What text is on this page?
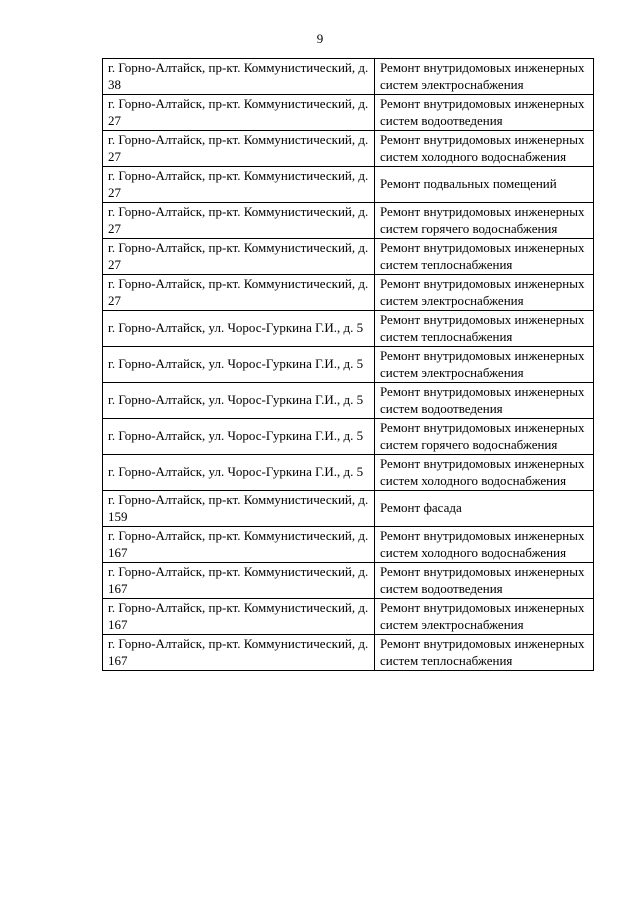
9
г. Горно-Алтайск, пр-кт. Коммунистический, д. 38	Ремонт внутридомовых инженерных систем электроснабжения
г. Горно-Алтайск, пр-кт. Коммунистический, д. 27	Ремонт внутридомовых инженерных систем водоотведения
г. Горно-Алтайск, пр-кт. Коммунистический, д. 27	Ремонт внутридомовых инженерных систем холодного водоснабжения
г. Горно-Алтайск, пр-кт. Коммунистический, д. 27	Ремонт подвальных помещений
г. Горно-Алтайск, пр-кт. Коммунистический, д. 27	Ремонт внутридомовых инженерных систем горячего водоснабжения
г. Горно-Алтайск, пр-кт. Коммунистический, д. 27	Ремонт внутридомовых инженерных систем теплоснабжения
г. Горно-Алтайск, пр-кт. Коммунистический, д. 27	Ремонт внутридомовых инженерных систем электроснабжения
г. Горно-Алтайск, ул. Чорос-Гуркина Г.И., д. 5	Ремонт внутридомовых инженерных систем теплоснабжения
г. Горно-Алтайск, ул. Чорос-Гуркина Г.И., д. 5	Ремонт внутридомовых инженерных систем электроснабжения
г. Горно-Алтайск, ул. Чорос-Гуркина Г.И., д. 5	Ремонт внутридомовых инженерных систем водоотведения
г. Горно-Алтайск, ул. Чорос-Гуркина Г.И., д. 5	Ремонт внутридомовых инженерных систем горячего водоснабжения
г. Горно-Алтайск, ул. Чорос-Гуркина Г.И., д. 5	Ремонт внутридомовых инженерных систем холодного водоснабжения
г. Горно-Алтайск, пр-кт. Коммунистический, д. 159	Ремонт фасада
г. Горно-Алтайск, пр-кт. Коммунистический, д. 167	Ремонт внутридомовых инженерных систем холодного водоснабжения
г. Горно-Алтайск, пр-кт. Коммунистический, д. 167	Ремонт внутридомовых инженерных систем водоотведения
г. Горно-Алтайск, пр-кт. Коммунистический, д. 167	Ремонт внутридомовых инженерных систем электроснабжения
г. Горно-Алтайск, пр-кт. Коммунистический, д. 167	Ремонт внутридомовых инженерных систем теплоснабжения
